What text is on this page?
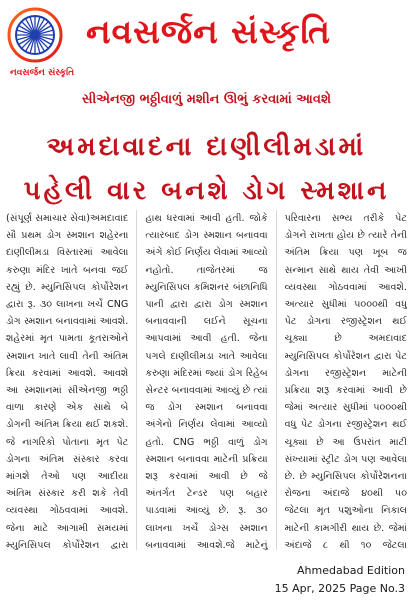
નવસર્જન સંસ્કૃતિ
નવસર્જન સંસ્કૃતિ
સીએનજી ભઠ્ઠીવાળું મશીન ઊભું કરવામાં આવશે
અમદાવાદના દાણીલીમડામાં
પહેલી વાર બનશે ડોગ સ્મશાન
(સંપૂર્ણ સમાચાર સેવા)અમદાવાદ સૌ પ્રથમ ડોગ સ્મશાન શહેરના દાણીલીમડા વિસ્તારમાં આવેલા કરુણા મંદિર ખાતે બનવા જઈ રહ્યું છે. મ્યુનિસિપલ કોર્પોરેશન દ્વારા રૂ. ૩૦ લાખના ખર્ચે CNG ડોગ સ્મશાન બનાવવામાં આવશે. શહેરમાં મૃત પામતા કૂતરાઓને સ્મશાન ખાતે લાવી તેની અંતિમ ક્રિયા કરવામાં આવશે. આવશે આ સ્મશાનમાં સીએનજી ભઠ્ઠી વાળા કારણે એક સાથે બે ડોગની અંતિમ ક્રિયા થઈ શકશે. જે નાગરિકો પોતાના મૃત પેટ ડોગના અંતિમ સંસ્કાર કરવા માંગશે તેઓ પણ આદીયા અંતિમ સંસ્કાર કરી શકે તેવી વ્યવસ્થા ગોઠવવામાં આવશે. જેના માટે આગામી સમયમાં મ્યુનિસિપલ કોર્પોરેશન દ્વારા
હાથ ધરવામાં આવી હતી. જોકે ત્યારબાદ ડોગ સ્મશાન બનાવવા અંગે કોઈ નિર્ણય લેવામાં આવ્યો નહોતો. તાજેતરમાં જ મ્યુનિસિપલ કમિશનર બંછાનિધિ પાની દ્વારા દ્વારા ડોગ સ્મશાન બનાવવાની લઈને સૂચના આપવામાં આવી હતી. જેના પગલે દાણીલીમડા ખાતે આવેલા કરુણા મંદિરમાં જ્યાં ડોગ રિહેબ સેન્ટર બનાવવામાં આવ્યું છે ત્યાં જ ડોગ સ્મશાન બનાવવા અંગેનો નિર્ણય લેવામાં આવ્યો હતો. CNG ભઠ્ઠી વાળું ડોગ સ્મશાન બનાવવા માટેની પ્રક્રિયા શરૂ કરવામાં આવી છે જે અંતર્ગત ટેન્ડર પણ બહાર પાડવામાં આવ્યું છે. રૂ. ૩૦ લાખના ખર્ચે ડોગ્સ સ્મશાન બનાવવામાં આવશે.જે માટેનું
પરિવારના સભ્ય તરીકે પેટ ડોગને રાખતા હોય છે ત્યારે તેની અંતિમ ક્રિયા પણ ખૂબ જ સન્માન સાથે થાય તેવી આખી વ્યવસ્થા ગોઠવવામાં આવશે. અત્યાર સુધીમાં ૫૦૦૦થી વધુ પેટ ડોગના રજીસ્ટ્રેશન થઈ ચૂક્યા છે અમદાવાદ મ્યુનિસિપલ કોર્પોરેશન દ્વારા પેટ ડોગના રજીસ્ટ્રેશન માટેની પ્રક્રિયા શરૂ કરવામાં આવી છે જેમાં અત્યાર સુધીમાં ૫૦૦૦થી વધુ પેટ ડોગના રજીસ્ટ્રેશન થઈ ચૂક્યા છે આ ઉપરાંત માટી સંખ્યામાં સ્ટ્રીટ ડોગ પણ આવેલા છે. છે મ્યુનિસિપલ કોર્પોરેશનના રોજના અંદાજે ૪૦થી ૫૦ જેટલા મૃત પશુઓના નિકાલ માટેની કામગીરી થાય છે. જેમાં અંદાજે ૮ થી ૧૦ જેટલા
Ahmedabad Edition
15 Apr, 2025 Page No.3
